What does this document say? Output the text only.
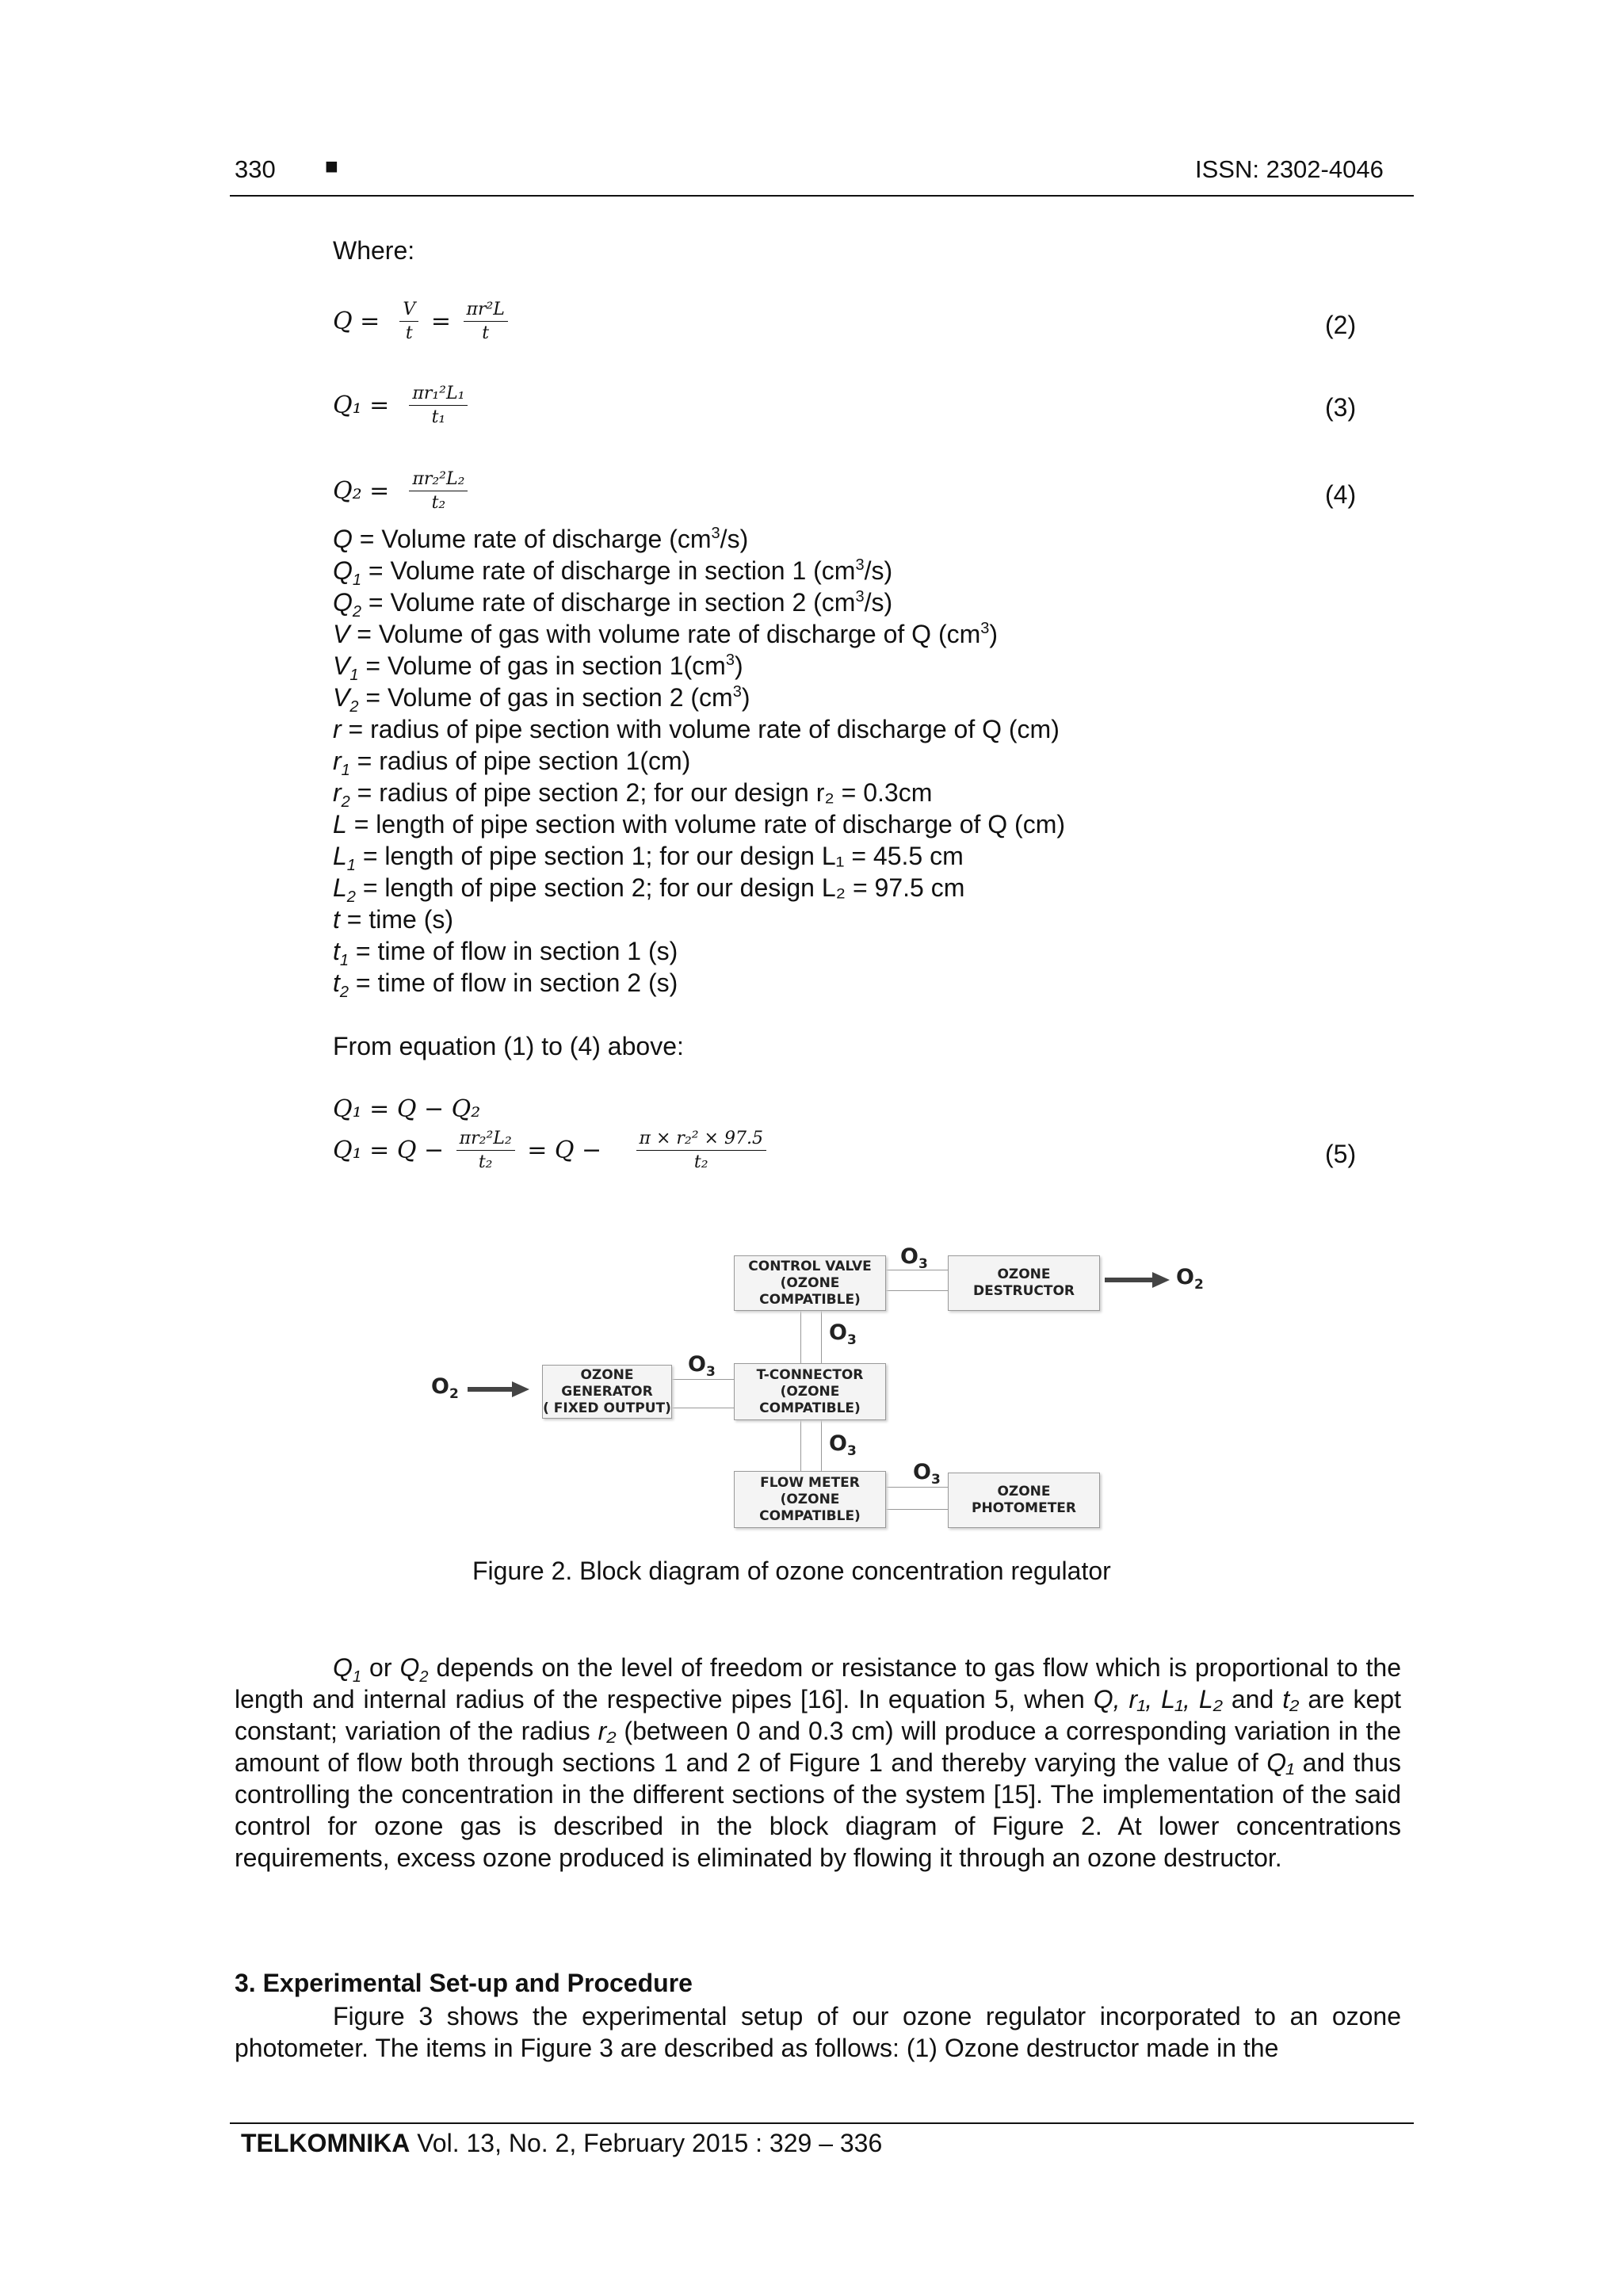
330 ■	ISSN: 2302-4046
Where:
$Q = \frac{V}{t} = \frac{\text{πr²L}}{t}$	(2)
$Q_1 = \frac{\text{πr₁²L₁}}{\text{t₁}}$	(3)
$Q_2 = \frac{\text{πr₂²L₂}}{\text{t₂}}$	(4)
Q = Volume rate of discharge $(cm^3/s)$
$Q_1$ = Volume rate of discharge in section 1 $(cm^3/s)$
$Q_2$ = Volume rate of discharge in section 2 $(cm^3/s)$
V = Volume of gas with volume rate of discharge of Q $(cm^3)$
$V_1$ = Volume of gas in section $1(cm^3)$
$V_2$ = Volume of gas in section 2 $(cm^3)$
r = radius of pipe section with volume rate of discharge of Q (cm)
$r_1$ = radius of pipe section 1(cm)
$r_2$ = radius of pipe section 2; for our design r₂ = 0.3cm
L = length of pipe section with volume rate of discharge of Q (cm)
$L_1$ = length of pipe section 1; for our design L₁ = 45.5 cm
$L_2$ = length of pipe section 2; for our design L₂ = 97.5 cm
t = time (s)
$t_1$ = time of flow in section 1 (s)
$t_2$ = time of flow in section 2 (s)
From equation (1) to (4) above:
Q₁ = Q − Q₂
$Q_1 = Q - \frac{\text{πr₂²L₂}}{\text{t₂}} = Q - \frac{\text{π × r₂² × 97.5}}{\text{t₂}}$	(5)
CONTROL VALVE
(OZONE
COMPATIBLE)
OZONE
DESTRUCTOR
T-CONNECTOR
(OZONE
COMPATIBLE)
OZONE
GENERATOR
( FIXED OUTPUT)
FLOW METER
(OZONE
COMPATIBLE)
OZONE
PHOTOMETER
$O_3$
$O_3$
$O_3$
$O_3$
$O_3$
$O_2$
$O_2$
Figure 2. Block diagram of ozone concentration regulator
$Q_1$ or $Q_2$ depends on the level of freedom or resistance to gas flow which is proportional to the length and internal radius of the respective pipes [16]. In equation 5, when Q, r₁, L₁, L₂ and t₂ are kept constant; variation of the radius r₂ (between 0 and 0.3 cm) will produce a corresponding variation in the amount of flow both through sections 1 and 2 of Figure 1 and thereby varying the value of Q₁ and thus controlling the concentration in the different sections of the system [15]. The implementation of the said control for ozone gas is described in the block diagram of Figure 2. At lower concentrations requirements, excess ozone produced is eliminated by flowing it through an ozone destructor.
3. Experimental Set-up and Procedure
Figure 3 shows the experimental setup of our ozone regulator incorporated to an ozone photometer. The items in Figure 3 are described as follows: (1) Ozone destructor made in the
TELKOMNIKA Vol. 13, No. 2, February 2015 : 329 – 336
